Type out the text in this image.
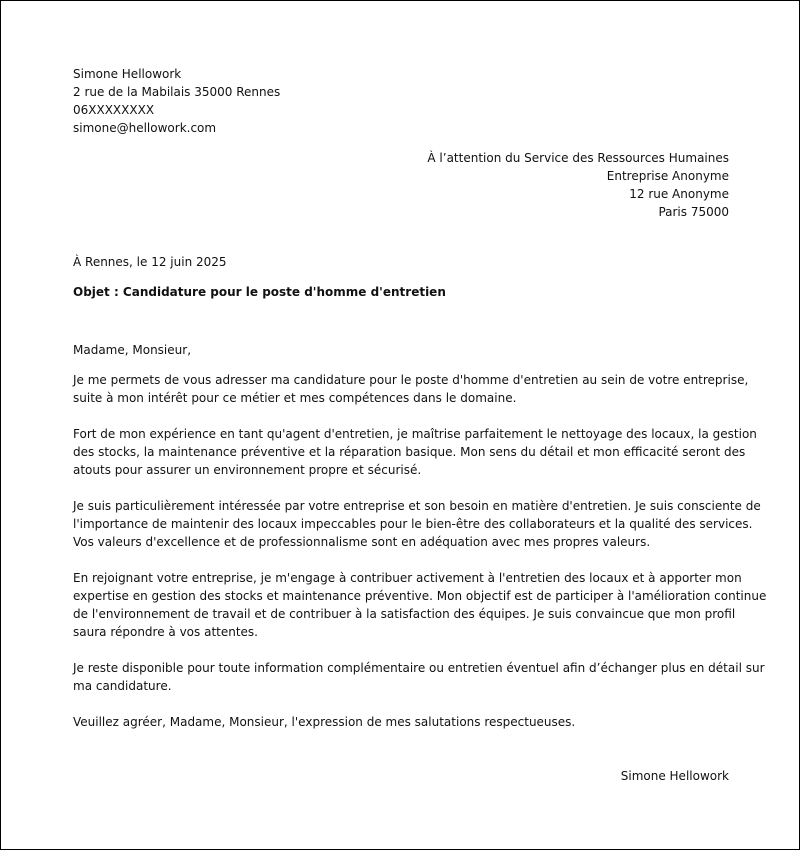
Simone Hellowork
2 rue de la Mabilais 35000 Rennes
06XXXXXXXX
simone@hellowork.com
À l’attention du Service des Ressources Humaines
Entreprise Anonyme
12 rue Anonyme
Paris 75000
À Rennes, le 12 juin 2025
Objet : Candidature pour le poste d'homme d'entretien
Madame, Monsieur,
Je me permets de vous adresser ma candidature pour le poste d'homme d'entretien au sein de votre entreprise,
suite à mon intérêt pour ce métier et mes compétences dans le domaine.
Fort de mon expérience en tant qu'agent d'entretien, je maîtrise parfaitement le nettoyage des locaux, la gestion
des stocks, la maintenance préventive et la réparation basique. Mon sens du détail et mon efficacité seront des
atouts pour assurer un environnement propre et sécurisé.
Je suis particulièrement intéressée par votre entreprise et son besoin en matière d'entretien. Je suis consciente de
l'importance de maintenir des locaux impeccables pour le bien-être des collaborateurs et la qualité des services.
Vos valeurs d'excellence et de professionnalisme sont en adéquation avec mes propres valeurs.
En rejoignant votre entreprise, je m'engage à contribuer activement à l'entretien des locaux et à apporter mon
expertise en gestion des stocks et maintenance préventive. Mon objectif est de participer à l'amélioration continue
de l'environnement de travail et de contribuer à la satisfaction des équipes. Je suis convaincue que mon profil
saura répondre à vos attentes.
Je reste disponible pour toute information complémentaire ou entretien éventuel afin d’échanger plus en détail sur
ma candidature.
Veuillez agréer, Madame, Monsieur, l'expression de mes salutations respectueuses.
Simone Hellowork
